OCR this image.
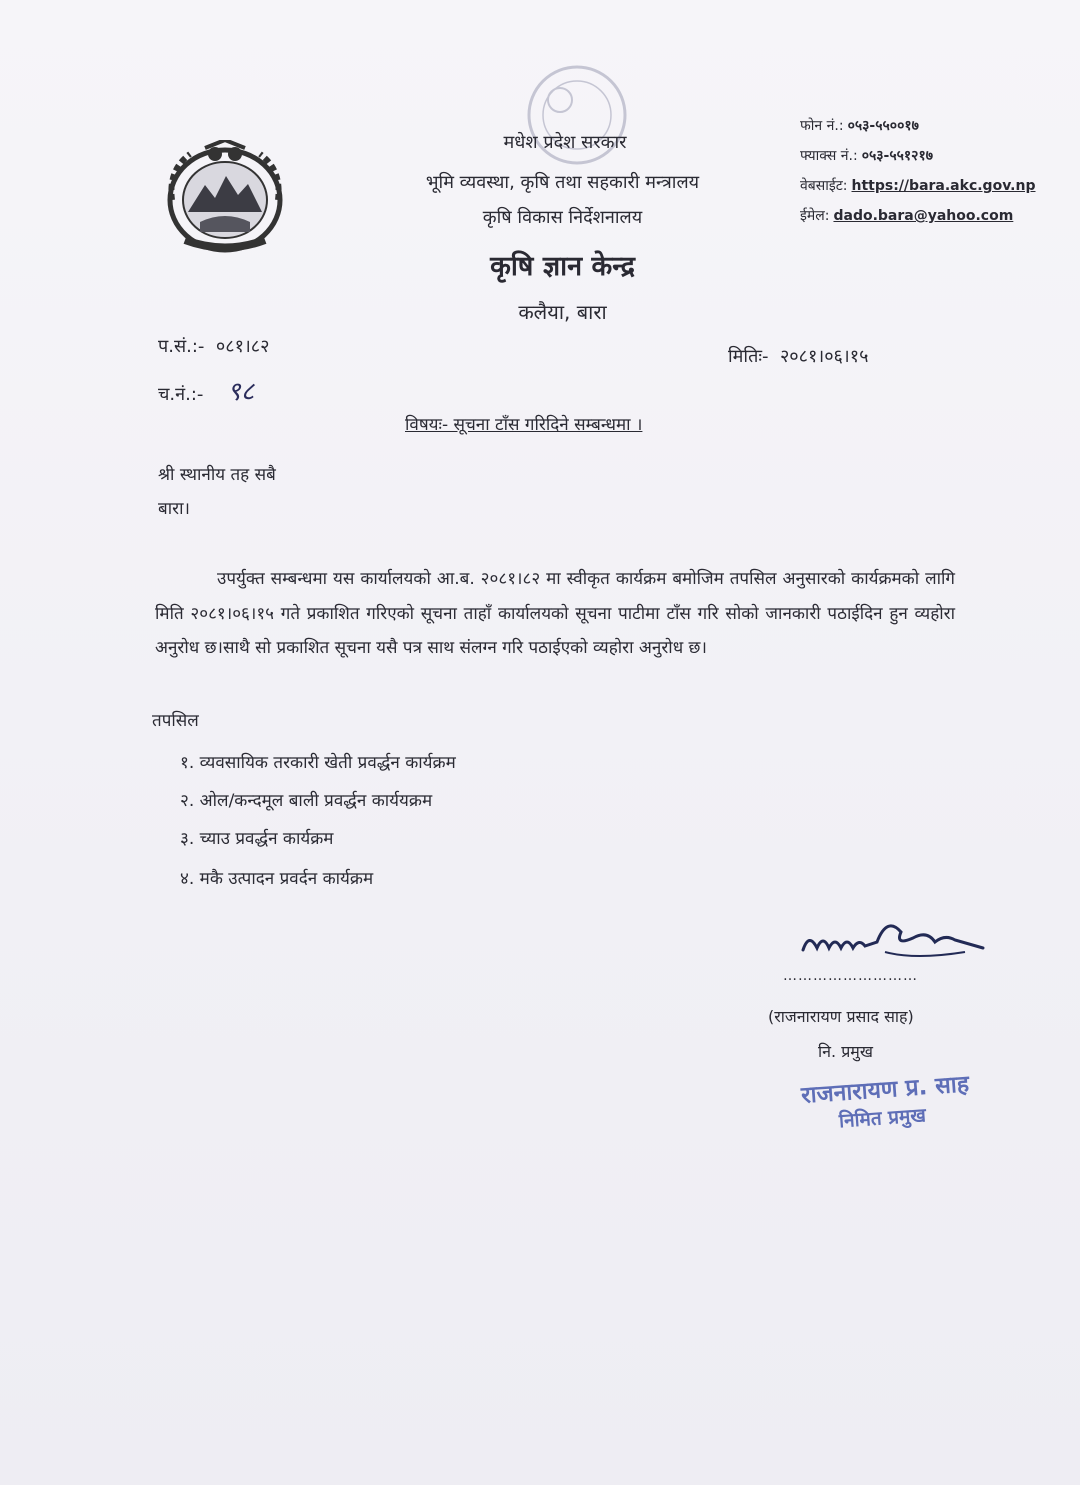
मधेश प्रदेश सरकार
भूमि व्यवस्था, कृषि तथा सहकारी मन्त्रालय
कृषि विकास निर्देशनालय
कृषि ज्ञान केन्द्र
कलैया, बारा
फोन नं.: ०५३-५५००१७
फ्याक्स नं.: ०५३-५५१२१७
वेबसाईट: https://bara.akc.gov.np
ईमेल: dado.bara@yahoo.com
प.सं.:- ०८१।८२
च.नं.:- ९८
मितिः- २०८१।०६।१५
विषयः- सूचना टाँस गरिदिने सम्बन्धमा ।
श्री स्थानीय तह सबै
बारा।
उपर्युक्त सम्बन्धमा यस कार्यालयको आ.ब. २०८१।८२ मा स्वीकृत कार्यक्रम बमोजिम तपसिल अनुसारको कार्यक्रमको लागि मिति २०८१।०६।१५ गते प्रकाशित गरिएको सूचना ताहाँ कार्यालयको सूचना पाटीमा टाँस गरि सोको जानकारी पठाईदिन हुन व्यहोरा अनुरोध छ।साथै सो प्रकाशित सूचना यसै पत्र साथ संलग्न गरि पठाईएको व्यहोरा अनुरोध छ।
तपसिल
१. व्यवसायिक तरकारी खेती प्रवर्द्धन कार्यक्रम
२. ओल/कन्दमूल बाली प्रवर्द्धन कार्ययक्रम
३. च्याउ प्रवर्द्धन कार्यक्रम
४. मकै उत्पादन प्रवर्दन कार्यक्रम
………………………
(राजनारायण प्रसाद साह)
नि. प्रमुख
राजनारायण प्र. साह
निमित प्रमुख
